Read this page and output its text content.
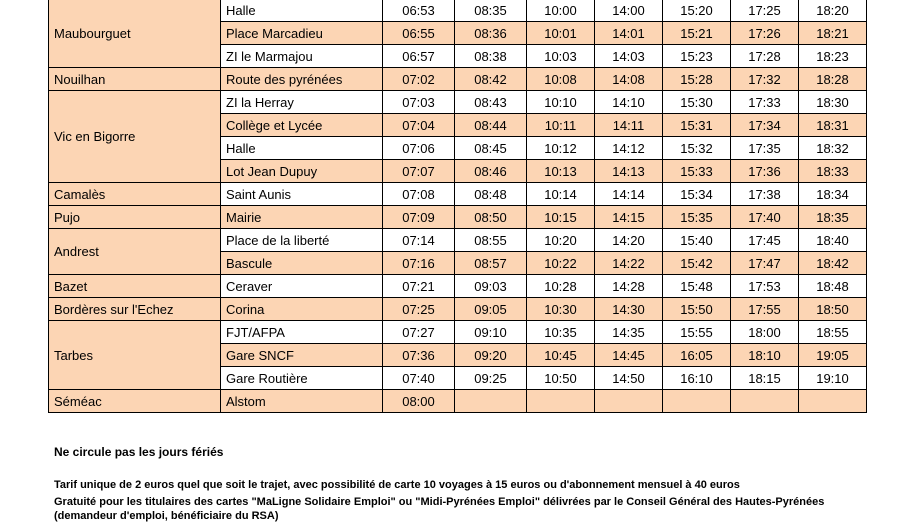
Maubourguet	Halle	06:53	08:35	10:00	14:00	15:20	17:25	18:20
	Place Marcadieu	06:55	08:36	10:01	14:01	15:21	17:26	18:21
	ZI le Marmajou	06:57	08:38	10:03	14:03	15:23	17:28	18:23
Nouilhan	Route des pyrénées	07:02	08:42	10:08	14:08	15:28	17:32	18:28
Vic en Bigorre	ZI la Herray	07:03	08:43	10:10	14:10	15:30	17:33	18:30
	Collège et Lycée	07:04	08:44	10:11	14:11	15:31	17:34	18:31
	Halle	07:06	08:45	10:12	14:12	15:32	17:35	18:32
	Lot Jean Dupuy	07:07	08:46	10:13	14:13	15:33	17:36	18:33
Camalès	Saint Aunis	07:08	08:48	10:14	14:14	15:34	17:38	18:34
Pujo	Mairie	07:09	08:50	10:15	14:15	15:35	17:40	18:35
Andrest	Place de la liberté	07:14	08:55	10:20	14:20	15:40	17:45	18:40
	Bascule	07:16	08:57	10:22	14:22	15:42	17:47	18:42
Bazet	Ceraver	07:21	09:03	10:28	14:28	15:48	17:53	18:48
Bordères sur l'Echez	Corina	07:25	09:05	10:30	14:30	15:50	17:55	18:50
Tarbes	FJT/AFPA	07:27	09:10	10:35	14:35	15:55	18:00	18:55
	Gare SNCF	07:36	09:20	10:45	14:45	16:05	18:10	19:05
	Gare Routière	07:40	09:25	10:50	14:50	16:10	18:15	19:10
Séméac	Alstom	08:00						
Ne circule pas les jours fériés
Tarif unique de 2 euros quel que soit le trajet, avec possibilité de carte 10 voyages à 15 euros ou d'abonnement mensuel à 40 euros
Gratuité pour les titulaires des cartes "MaLigne Solidaire Emploi" ou "Midi-Pyrénées Emploi" délivrées par le Conseil Général des Hautes-Pyrénées (demandeur d'emploi, bénéficiaire du RSA)
